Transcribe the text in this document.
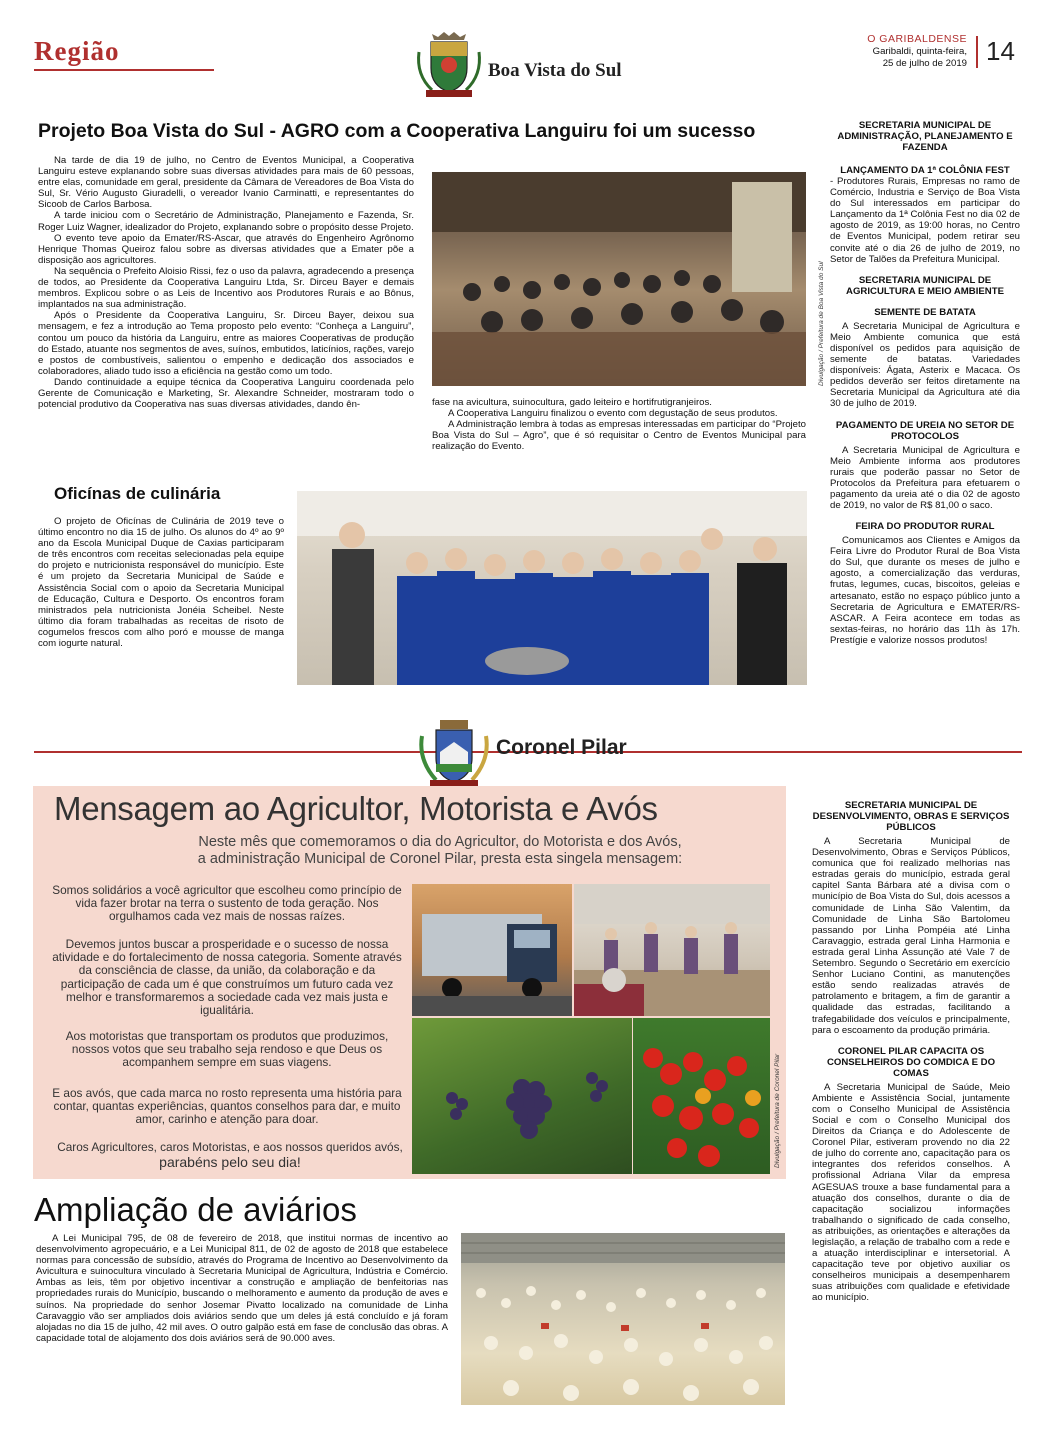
Região
Boa Vista do Sul
O GARIBALDENSE
Garibaldi, quinta-feira,
25 de julho de 2019 14
Projeto Boa Vista do Sul - AGRO com a Cooperativa Languiru foi um sucesso

Na tarde de dia 19 de julho, no Centro de Eventos Municipal, a Cooperativa Languiru esteve explanando sobre suas diversas atividades para mais de 60 pessoas, entre elas, comunidade em geral, presidente da Câmara de Vereadores de Boa Vista do Sul, Sr. Vério Augusto Giuradelli, o vereador Ivanio Carminatti, e representantes do Sicoob de Carlos Barbosa.

A tarde iniciou com o Secretário de Administração, Planejamento e Fazenda, Sr. Roger Luiz Wagner, idealizador do Projeto, explanando sobre o propósito desse Projeto.

O evento teve apoio da Emater/RS-Ascar, que através do Engenheiro Agrônomo Henrique Thomas Queiroz falou sobre as diversas atividades que a Emater põe a disposição aos agricultores.

Na sequência o Prefeito Aloisio Rissi, fez o uso da palavra, agradecendo a presença de todos, ao Presidente da Cooperativa Languiru Ltda, Sr. Dirceu Bayer e demais membros. Explicou sobre o as Leis de Incentivo aos Produtores Rurais e ao Bônus, implantados na sua administração.

Após o Presidente da Cooperativa Languiru, Sr. Dirceu Bayer, deixou sua mensagem, e fez a introdução ao Tema proposto pelo evento: “Conheça a Languiru”, contou um pouco da história da Languiru, entre as maiores Cooperativas de produção do Estado, atuante nos segmentos de aves, suínos, embutidos, laticínios, rações, varejo e postos de combustíveis, salientou o empenho e dedicação dos associados e colaboradores, aliado tudo isso a eficiência na gestão como um todo.

Dando continuidade a equipe técnica da Cooperativa Languiru coordenada pelo Gerente de Comunicação e Marketing, Sr. Alexandre Schneider, mostraram todo o potencial produtivo da Cooperativa nas suas diversas atividades, dando ên-

Divulgação / Prefeitura de Boa Vista do Sul

fase na avicultura, suinocultura, gado leiteiro e hortifrutigranjeiros.

A Cooperativa Languiru finalizou o evento com degustação de seus produtos.

A Administração lembra à todas as empresas interessadas em participar do “Projeto Boa Vista do Sul – Agro”, que é só requisitar o Centro de Eventos Municipal para realização do Evento.

Oficínas de culinária

O projeto de Oficínas de Culinária de 2019 teve o último encontro no dia 15 de julho. Os alunos do 4º ao 9º ano da Escola Municipal Duque de Caxias participaram de três encontros com receitas selecionadas pela equipe do projeto e nutricionista responsável do município. Este é um projeto da Secretaria Municipal de Saúde e Assistência Social com o apoio da Secretaria Municipal de Educação, Cultura e Desporto. Os encontros foram ministrados pela nutricionista Jonéia Scheibel. Neste último dia foram trabalhadas as receitas de risoto de cogumelos frescos com alho poró e mousse de manga com iogurte natural.

SECRETARIA MUNICIPAL DE ADMINISTRAÇÃO, PLANEJAMENTO E FAZENDA
LANÇAMENTO DA 1ª COLÔNIA FEST

- Produtores Rurais, Empresas no ramo de Comércio, Industria e Serviço de Boa Vista do Sul interessados em participar do Lançamento da 1ª Colônia Fest no dia 02 de agosto de 2019, as 19:00 horas, no Centro de Eventos Municipal, podem retirar seu convite até o dia 26 de julho de 2019, no Setor de Talões da Prefeitura Municipal.

SECRETARIA MUNICIPAL DE AGRICULTURA E MEIO AMBIENTE
SEMENTE DE BATATA

A Secretaria Municipal de Agricultura e Meio Ambiente comunica que está disponível os pedidos para aquisição de semente de batatas. Variedades disponíveis: Ágata, Asterix e Macaca. Os pedidos deverão ser feitos diretamente na Secretaria Municipal da Agricultura até dia 30 de julho de 2019.

PAGAMENTO DE UREIA NO SETOR DE PROTOCOLOS

A Secretaria Municipal de Agricultura e Meio Ambiente informa aos produtores rurais que poderão passar no Setor de Protocolos da Prefeitura para efetuarem o pagamento da ureia até o dia 02 de agosto de 2019, no valor de R$ 81,00 o saco.

FEIRA DO PRODUTOR RURAL

Comunicamos aos Clientes e Amigos da Feira Livre do Produtor Rural de Boa Vista do Sul, que durante os meses de julho e agosto, a comercialização das verduras, frutas, legumes, cucas, biscoitos, geleias e artesanato, estão no espaço público junto a Secretaria de Agricultura e EMATER/RS-ASCAR. A Feira acontece em todas as sextas-feiras, no horário das 11h às 17h. Prestígie e valorize nossos produtos!

Coronel Pilar
Mensagem ao Agricultor, Motorista e Avós
Neste mês que comemoramos o dia do Agricultor, do Motorista e dos Avós,
a administração Municipal de Coronel Pilar, presta esta singela mensagem:
Somos solidários a você agricultor que escolheu como princípio de vida fazer brotar na terra o sustento de toda geração. Nos orgulhamos cada vez mais de nossas raízes.
Devemos juntos buscar a prosperidade e o sucesso de nossa atividade e do fortalecimento de nossa categoria. Somente através da consciência de classe, da união, da colaboração e da participação de cada um é que construímos um futuro cada vez melhor e transformaremos a sociedade cada vez mais justa e igualitária.
Aos motoristas que transportam os produtos que produzimos, nossos votos que seu trabalho seja rendoso e que Deus os acompanhem sempre em suas viagens.
E aos avós, que cada marca no rosto representa uma história para contar, quantas experiências, quantos conselhos para dar, e muito amor, carinho e atenção para doar.
Caros Agricultores, caros Motoristas, e aos nossos queridos avós,
parabéns pelo seu dia!	Divulgação / Prefeitura de Coronel Pilar
Ampliação de aviários

A Lei Municipal 795, de 08 de fevereiro de 2018, que institui normas de incentivo ao desenvolvimento agropecuário, e a Lei Municipal 811, de 02 de agosto de 2018 que estabelece normas para concessão de subsídio, através do Programa de Incentivo ao Desenvolvimento da Avicultura e suinocultura vinculado à Secretaria Municipal de Agricultura, Indústria e Comércio. Ambas as leis, têm por objetivo incentivar a construção e ampliação de benfeitorias nas propriedades rurais do Município, buscando o melhoramento e aumento da produção de aves e suínos. Na propriedade do senhor Josemar Pivatto localizado na comunidade de Linha Caravaggio vão ser ampliados dois aviários sendo que um deles já está concluído e já foram alojadas no dia 15 de julho, 42 mil aves. O outro galpão está em fase de conclusão das obras. A capacidade total de alojamento dos dois aviários será de 90.000 aves.

SECRETARIA MUNICIPAL DE DESENVOLVIMENTO, OBRAS E SERVIÇOS PÚBLICOS

A Secretaria Municipal de Desenvolvimento, Obras e Serviços Públicos, comunica que foi realizado melhorias nas estradas gerais do município, estrada geral capitel Santa Bárbara até a divisa com o município de Boa Vista do Sul, dois acessos a comunidade de Linha São Valentim, da Comunidade de Linha São Bartolomeu passando por Linha Pompéia até Linha Caravaggio, estrada geral Linha Harmonia e estrada geral Linha Assunção até Vale 7 de Setembro. Segundo o Secretário em exercício Senhor Luciano Contini, as manutenções estão sendo realizadas através de patrolamento e britagem, a fim de garantir a qualidade das estradas, facilitando a trafegabilidade dos veículos e principalmente, para o escoamento da produção primária.

CORONEL PILAR CAPACITA OS CONSELHEIROS DO COMDICA E DO COMAS

A Secretaria Municipal de Saúde, Meio Ambiente e Assistência Social, juntamente com o Conselho Municipal de Assistência Social e com o Conselho Municipal dos Direitos da Criança e do Adolescente de Coronel Pilar, estiveram provendo no dia 22 de julho do corrente ano, capacitação para os integrantes dos referidos conselhos. A profissional Adriana Vilar da empresa AGESUAS trouxe a base fundamental para a atuação dos conselhos, durante o dia de capacitação socializou informações trabalhando o significado de cada conselho, as atribuições, as orientações e alterações da legislação, a relação de trabalho com a rede e a atuação interdisciplinar e intersetorial. A capacitação teve por objetivo auxiliar os conselheiros municipais a desempenharem suas atribuições com qualidade e efetividade ao município.
